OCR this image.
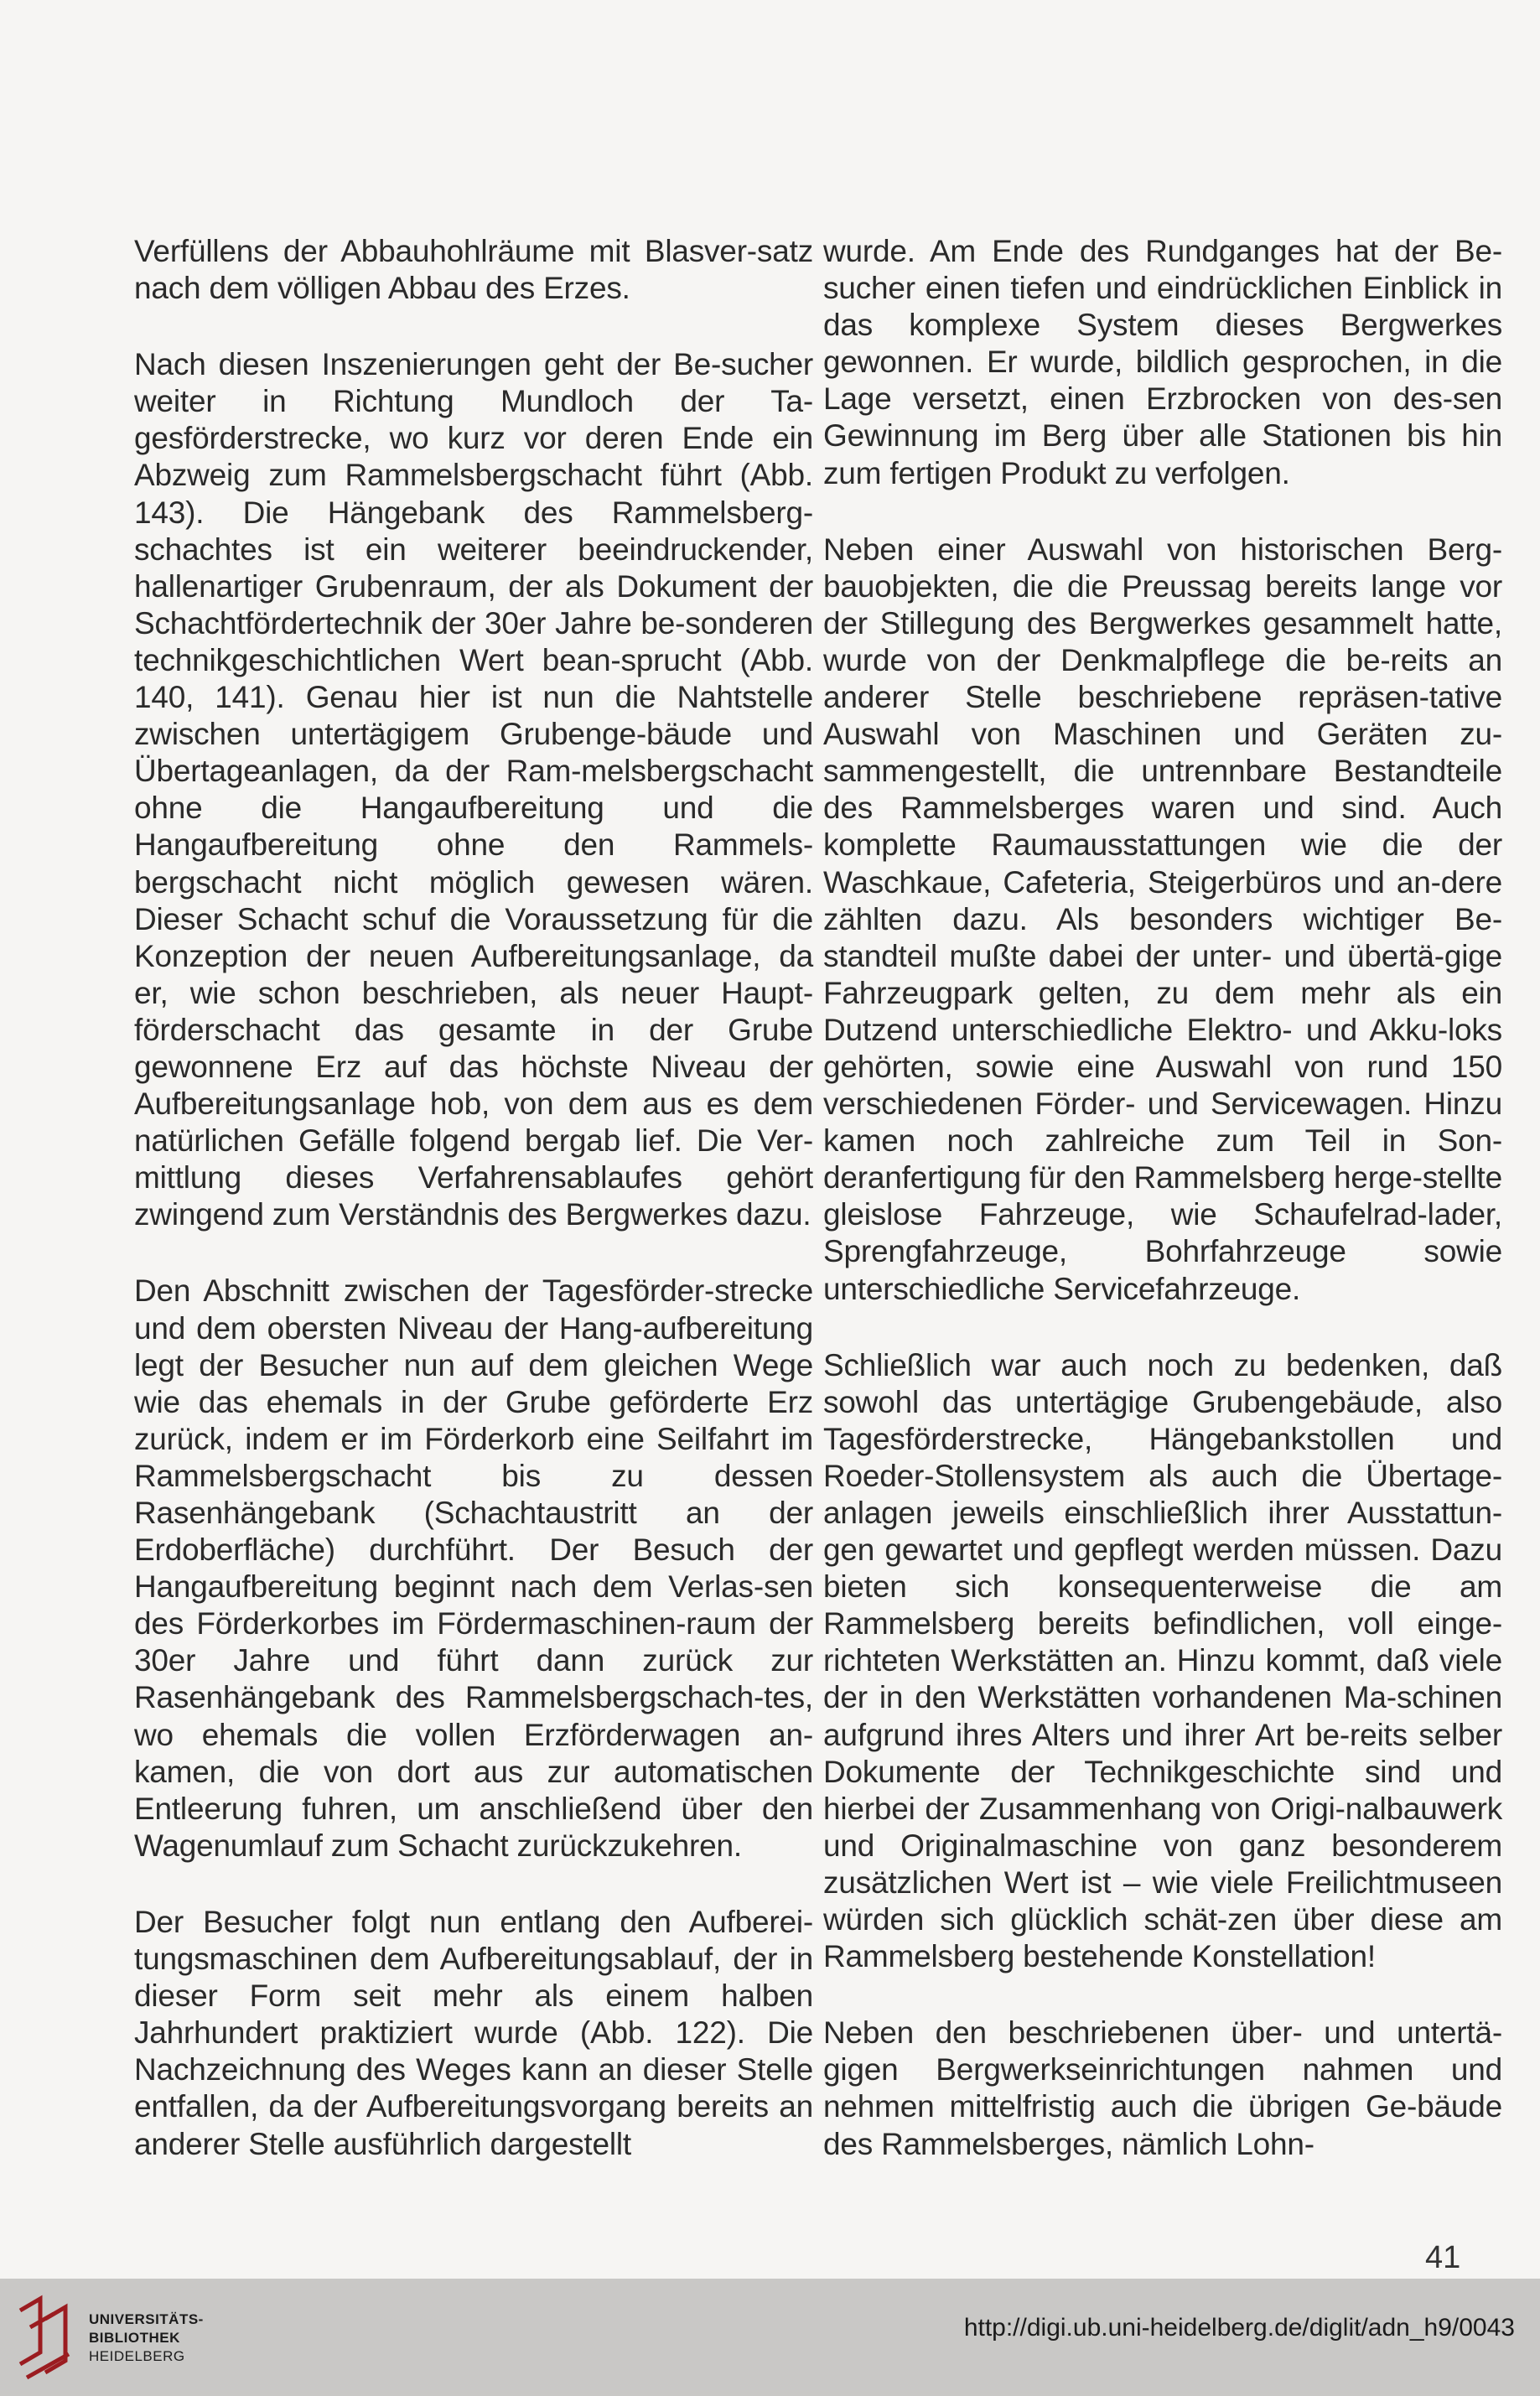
Verfüllens der Abbauhohlräume mit Blasver-satz nach dem völligen Abbau des Erzes.

Nach diesen Inszenierungen geht der Be-sucher weiter in Richtung Mundloch der Ta-gesförderstrecke, wo kurz vor deren Ende ein Abzweig zum Rammelsbergschacht führt (Abb. 143). Die Hängebank des Rammelsberg-schachtes ist ein weiterer beeindruckender, hallenartiger Grubenraum, der als Dokument der Schachtfördertechnik der 30er Jahre be-sonderen technikgeschichtlichen Wert bean-sprucht (Abb. 140, 141). Genau hier ist nun die Nahtstelle zwischen untertägigem Grubenge-bäude und Übertageanlagen, da der Ram-melsbergschacht ohne die Hangaufbereitung und die Hangaufbereitung ohne den Rammels-bergschacht nicht möglich gewesen wären. Dieser Schacht schuf die Voraussetzung für die Konzeption der neuen Aufbereitungsanlage, da er, wie schon beschrieben, als neuer Haupt-förderschacht das gesamte in der Grube gewonnene Erz auf das höchste Niveau der Aufbereitungsanlage hob, von dem aus es dem natürlichen Gefälle folgend bergab lief. Die Ver-mittlung dieses Verfahrensablaufes gehört zwingend zum Verständnis des Bergwerkes dazu.

Den Abschnitt zwischen der Tagesförder-strecke und dem obersten Niveau der Hang-aufbereitung legt der Besucher nun auf dem gleichen Wege wie das ehemals in der Grube geförderte Erz zurück, indem er im Förderkorb eine Seilfahrt im Rammelsbergschacht bis zu dessen Rasenhängebank (Schachtaustritt an der Erdoberfläche) durchführt. Der Besuch der Hangaufbereitung beginnt nach dem Verlas-sen des Förderkorbes im Fördermaschinen-raum der 30er Jahre und führt dann zurück zur Rasenhängebank des Rammelsbergschach-tes, wo ehemals die vollen Erzförderwagen an-kamen, die von dort aus zur automatischen Entleerung fuhren, um anschließend über den Wagenumlauf zum Schacht zurückzukehren.

Der Besucher folgt nun entlang den Aufberei-tungsmaschinen dem Aufbereitungsablauf, der in dieser Form seit mehr als einem halben Jahrhundert praktiziert wurde (Abb. 122). Die Nachzeichnung des Weges kann an dieser Stelle entfallen, da der Aufbereitungsvorgang bereits an anderer Stelle ausführlich dargestellt

wurde. Am Ende des Rundganges hat der Be-sucher einen tiefen und eindrücklichen Einblick in das komplexe System dieses Bergwerkes gewonnen. Er wurde, bildlich gesprochen, in die Lage versetzt, einen Erzbrocken von des-sen Gewinnung im Berg über alle Stationen bis hin zum fertigen Produkt zu verfolgen.

Neben einer Auswahl von historischen Berg-bauobjekten, die die Preussag bereits lange vor der Stillegung des Bergwerkes gesammelt hatte, wurde von der Denkmalpflege die be-reits an anderer Stelle beschriebene repräsen-tative Auswahl von Maschinen und Geräten zu-sammengestellt, die untrennbare Bestandteile des Rammelsberges waren und sind. Auch komplette Raumausstattungen wie die der Waschkaue, Cafeteria, Steigerbüros und an-dere zählten dazu. Als besonders wichtiger Be-standteil mußte dabei der unter- und übertä-gige Fahrzeugpark gelten, zu dem mehr als ein Dutzend unterschiedliche Elektro- und Akku-loks gehörten, sowie eine Auswahl von rund 150 verschiedenen Förder- und Servicewagen. Hinzu kamen noch zahlreiche zum Teil in Son-deranfertigung für den Rammelsberg herge-stellte gleislose Fahrzeuge, wie Schaufelrad-lader, Sprengfahrzeuge, Bohrfahrzeuge sowie unterschiedliche Servicefahrzeuge.

Schließlich war auch noch zu bedenken, daß sowohl das untertägige Grubengebäude, also Tagesförderstrecke, Hängebankstollen und Roeder-Stollensystem als auch die Übertage-anlagen jeweils einschließlich ihrer Ausstattun-gen gewartet und gepflegt werden müssen. Dazu bieten sich konsequenterweise die am Rammelsberg bereits befindlichen, voll einge-richteten Werkstätten an. Hinzu kommt, daß viele der in den Werkstätten vorhandenen Ma-schinen aufgrund ihres Alters und ihrer Art be-reits selber Dokumente der Technikgeschichte sind und hierbei der Zusammenhang von Origi-nalbauwerk und Originalmaschine von ganz besonderem zusätzlichen Wert ist – wie viele Freilichtmuseen würden sich glücklich schät-zen über diese am Rammelsberg bestehende Konstellation!

Neben den beschriebenen über- und untertä-gigen Bergwerkseinrichtungen nahmen und nehmen mittelfristig auch die übrigen Ge-bäude des Rammelsberges, nämlich Lohn-

41
UNIVERSITÄTS-
BIBLIOTHEK
HEIDELBERG
http://digi.ub.uni-heidelberg.de/diglit/adn_h9/0043
